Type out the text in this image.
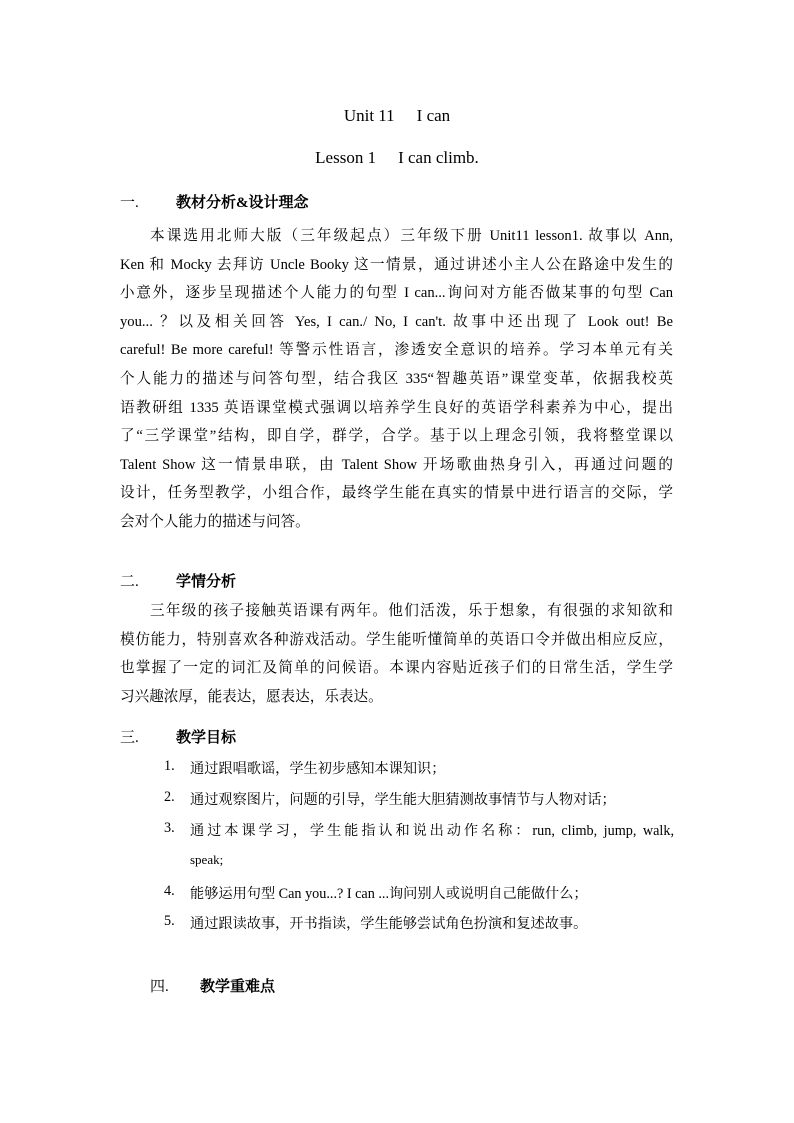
Unit 11 I can
Lesson 1 I can climb.
一. 教材分析&设计理念
本课选用北师大版（三年级起点）三年级下册 Unit11 lesson1. 故事以 Ann,
Ken 和 Mocky 去拜访 Uncle Booky 这一情景，通过讲述小主人公在路途中发生的
小意外，逐步呈现描述个人能力的句型 I can...询问对方能否做某事的句型 Can
you... ？以及相关回答 Yes, I can./ No, I can't. 故事中还出现了 Look out! Be
careful! Be more careful! 等警示性语言，渗透安全意识的培养。学习本单元有关
个人能力的描述与问答句型，结合我区 335“智趣英语”课堂变革，依据我校英
语教研组 1335 英语课堂模式强调以培养学生良好的英语学科素养为中心，提出
了“三学课堂”结构，即自学，群学，合学。基于以上理念引领，我将整堂课以
Talent Show 这一情景串联，由 Talent Show 开场歌曲热身引入，再通过问题的
设计，任务型教学，小组合作，最终学生能在真实的情景中进行语言的交际，学
会对个人能力的描述与问答。
二. 学情分析
三年级的孩子接触英语课有两年。他们活泼，乐于想象，有很强的求知欲和
模仿能力，特别喜欢各种游戏活动。学生能听懂简单的英语口令并做出相应反应，
也掌握了一定的词汇及简单的问候语。本课内容贴近孩子们的日常生活，学生学
习兴趣浓厚，能表达，愿表达，乐表达。
三. 教学目标
1. 通过跟唱歌谣，学生初步感知本课知识；
2. 通过观察图片，问题的引导，学生能大胆猜测故事情节与人物对话；
3. 通过本课学习，学生能指认和说出动作名称：run, climb, jump, walk,
speak;
4. 能够运用句型 Can you...? I can ...询问别人或说明自己能做什么；
5. 通过跟读故事，开书指读，学生能够尝试角色扮演和复述故事。
四. 教学重难点
